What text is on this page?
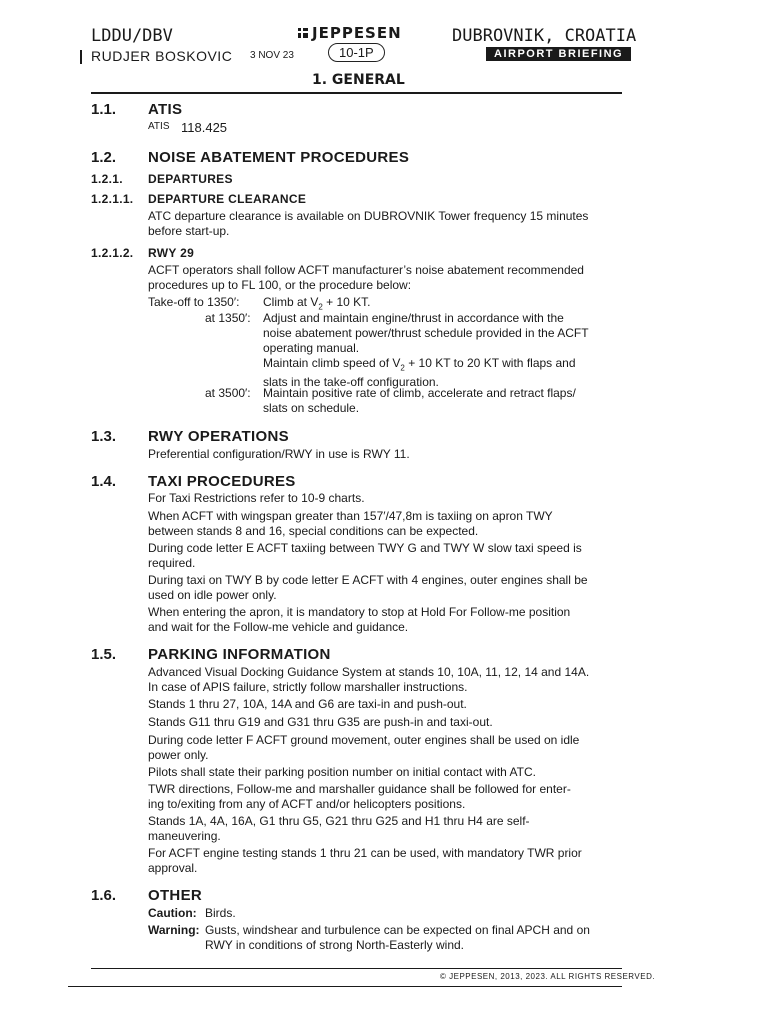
LDDU/DBV
RUDJER BOSKOVIC 3 NOV 23
JEPPESEN
10-1P
DUBROVNIK, CROATIA
AIRPORT BRIEFING
1. GENERAL
1.1. ATIS
ATIS 118.425
1.2. NOISE ABATEMENT PROCEDURES
1.2.1. DEPARTURES
1.2.1.1. DEPARTURE CLEARANCE
ATC departure clearance is available on DUBROVNIK Tower frequency 15 minutes
before start-up.
1.2.1.2. RWY 29
ACFT operators shall follow ACFT manufacturer’s noise abatement recommended
procedures up to FL 100, or the procedure below:
Take-off to 1350′: Climb at $V_2 + 10$ KT.
at 1350′: Adjust and maintain engine/thrust in accordance with the
noise abatement power/thrust schedule provided in the ACFT
operating manual.
Maintain climb speed of $V_2 + 10$ KT to 20 KT with flaps and
slats in the take-off configuration.
at 3500′: Maintain positive rate of climb, accelerate and retract flaps/
slats on schedule.
1.3. RWY OPERATIONS
Preferential configuration/RWY in use is RWY 11.
1.4. TAXI PROCEDURES
For Taxi Restrictions refer to 10-9 charts.
When ACFT with wingspan greater than 157′/47,8m is taxiing on apron TWY
between stands 8 and 16, special conditions can be expected.
During code letter E ACFT taxiing between TWY G and TWY W slow taxi speed is
required.
During taxi on TWY B by code letter E ACFT with 4 engines, outer engines shall be
used on idle power only.
When entering the apron, it is mandatory to stop at Hold For Follow-me position
and wait for the Follow-me vehicle and guidance.
1.5. PARKING INFORMATION
Advanced Visual Docking Guidance System at stands 10, 10A, 11, 12, 14 and 14A.
In case of APIS failure, strictly follow marshaller instructions.
Stands 1 thru 27, 10A, 14A and G6 are taxi-in and push-out.
Stands G11 thru G19 and G31 thru G35 are push-in and taxi-out.
During code letter F ACFT ground movement, outer engines shall be used on idle
power only.
Pilots shall state their parking position number on initial contact with ATC.
TWR directions, Follow-me and marshaller guidance shall be followed for enter-
ing to/exiting from any of ACFT and/or helicopters positions.
Stands 1A, 4A, 16A, G1 thru G5, G21 thru G25 and H1 thru H4 are self-
maneuvering.
For ACFT engine testing stands 1 thru 21 can be used, with mandatory TWR prior
approval.
1.6. OTHER
Caution: Birds.
Warning: Gusts, windshear and turbulence can be expected on final APCH and on
RWY in conditions of strong North-Easterly wind.
© JEPPESEN, 2013, 2023. ALL RIGHTS RESERVED.
